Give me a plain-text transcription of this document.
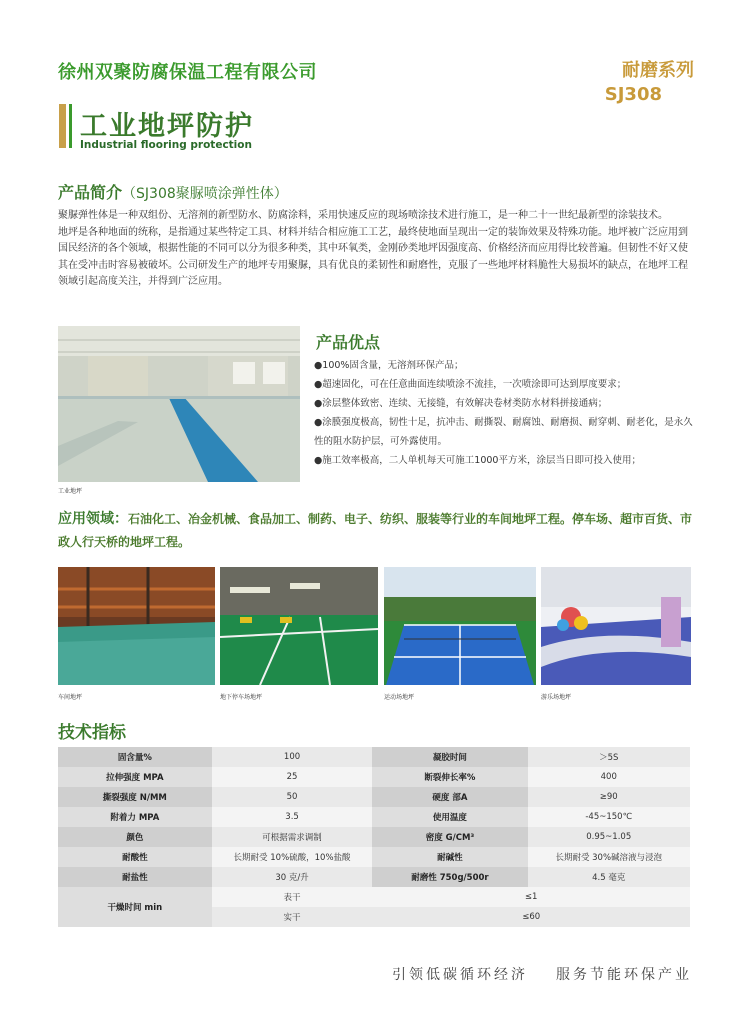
徐州双聚防腐保温工程有限公司	耐磨系列
SJ308
工业地坪防护
Industrial flooring protection
产品简介（SJ308聚脲喷涂弹性体）

聚脲弹性体是一种双组份、无溶剂的新型防水、防腐涂料，采用快速反应的现场喷涂技术进行施工，是一种二十一世纪最新型的涂装技术。

地坪是各种地面的统称，是指通过某些特定工具、材料并结合相应施工工艺，最终使地面呈现出一定的装饰效果及特殊功能。地坪被广泛应用到国民经济的各个领域，根据性能的不同可以分为很多种类，其中环氧类，金刚砂类地坪因强度高、价格经济而应用得比较普遍。但韧性不好又使其在受冲击时容易被破坏。公司研发生产的地坪专用聚脲，具有优良的柔韧性和耐磨性，克服了一些地坪材料脆性大易损坏的缺点，在地坪工程领域引起高度关注，并得到广泛应用。

工业地坪
产品优点
●100%固含量，无溶剂环保产品；
●超速固化，可在任意曲面连续喷涂不流挂，一次喷涂即可达到厚度要求；
●涂层整体致密、连续、无接缝，有效解决卷材类防水材料拼接通病；
●涂膜强度极高，韧性十足，抗冲击、耐撕裂、耐腐蚀、耐磨损、耐穿刺、耐老化，是永久性的阻水防护层，可外露使用。
●施工效率极高，二人单机每天可施工1000平方米，涂层当日即可投入使用；
应用领域：石油化工、冶金机械、食品加工、制药、电子、纺织、服装等行业的车间地坪工程。停车场、超市百货、市政人行天桥的地坪工程。
车间地坪	地下停车场地坪	运动场地坪	游乐场地坪
技术指标
固含量%	100	凝胶时间	＞5S
拉伸强度 MPA	25	断裂伸长率%	400
撕裂强度 N/MM	50	硬度 部A	≥90
附着力 MPA	3.5	使用温度	-45~150℃
颜色	可根据需求调制	密度 G/CM³	0.95~1.05
耐酸性	长期耐受 10%硫酸，10%盐酸	耐碱性	长期耐受 30%碱溶液与浸泡
耐盐性	30 克/升	耐磨性 750g/500r	4.5 毫克
干燥时间 min	表干	≤1	
	实干	≤60	
引领低碳循环经济 服务节能环保产业
